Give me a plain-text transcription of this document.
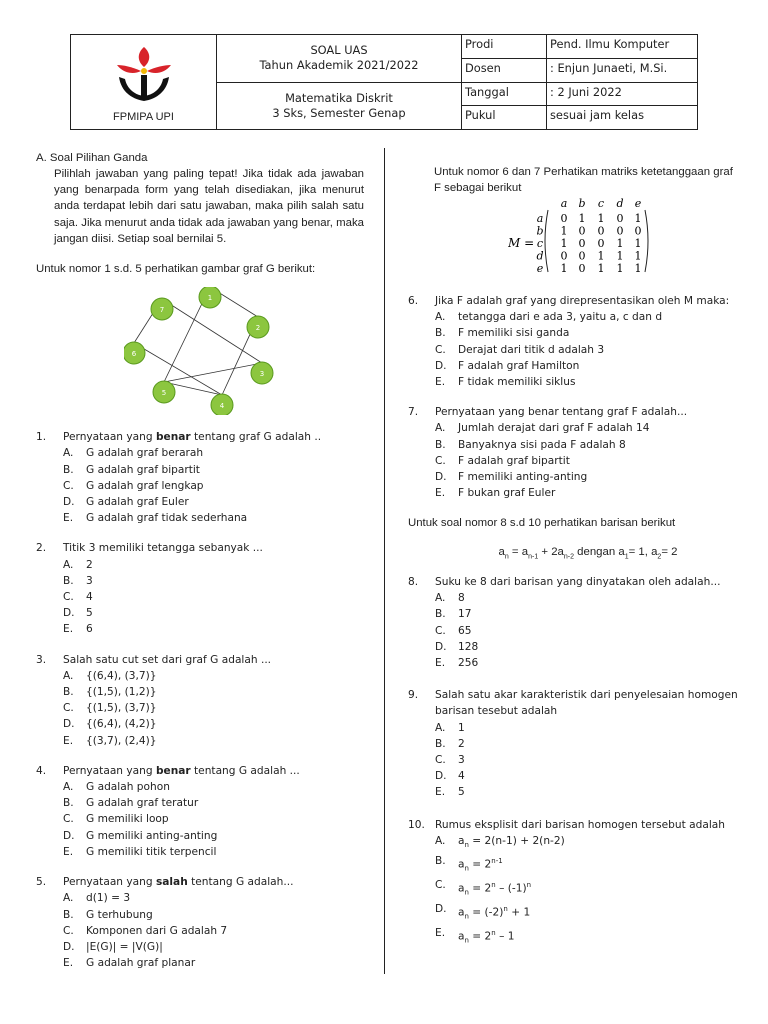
FPMIPA UPI
SOAL UAS
Tahun Akademik 2021/2022
Matematika Diskrit
3 Sks, Semester Genap
Prodi	Pend. Ilmu Komputer
Dosen	: Enjun Junaeti, M.Si.
Tanggal	: 2 Juni 2022
Pukul	sesuai jam kelas
A. Soal Pilihan Ganda

Pilihlah jawaban yang paling tepat! Jika tidak ada jawaban yang benarpada form yang telah disediakan, jika menurut anda terdapat lebih dari satu jawaban, maka pilih salah satu saja. Jika menurut anda tidak ada jawaban yang benar, maka jangan diisi. Setiap soal bernilai 5.

Untuk nomor 1 s.d. 5 perhatikan gambar graf G berikut:

1
2
3
4
5
6
7
1.	Pernyataan yang benar tentang graf G adalah ..
A.	G adalah graf berarah
B.	G adalah graf bipartit
C.	G adalah graf lengkap
D.	G adalah graf Euler
E.	G adalah graf tidak sederhana
2.	Titik 3 memiliki tetangga sebanyak ...
A.	2
B.	3
C.	4
D.	5
E.	6
3.	Salah satu cut set dari graf G adalah ...
A.	{(6,4), (3,7)}
B.	{(1,5), (1,2)}
C.	{(1,5), (3,7)}
D.	{(6,4), (4,2)}
E.	{(3,7), (2,4)}
4.	Pernyataan yang benar tentang G adalah ...
A.	G adalah pohon
B.	G adalah graf teratur
C.	G memiliki loop
D.	G memiliki anting-anting
E.	G memiliki titik terpencil
5.	Pernyataan yang salah tentang G adalah...
A.	d(1) = 3
B.	G terhubung
C.	Komponen dari G adalah 7
D.	|E(G)| = |V(G)|
E.	G adalah graf planar

Untuk nomor 6 dan 7 Perhatikan matriks ketetanggaan graf F sebagai berikut

M =
a b c d e
a 0 1 1 0 1
b 1 0 0 0 0
c 1 0 0 1 1
d 0 0 1 1 1
e 1 0 1 1 1
6.	Jika F adalah graf yang direpresentasikan oleh M maka:
A.	tetangga dari e ada 3, yaitu a, c dan d
B.	F memiliki sisi ganda
C.	Derajat dari titik d adalah 3
D.	F adalah graf Hamilton
E.	F tidak memiliki siklus
7.	Pernyataan yang benar tentang graf F adalah...
A.	Jumlah derajat dari graf F adalah 14
B.	Banyaknya sisi pada F adalah 8
C.	F adalah graf bipartit
D.	F memiliki anting-anting
E.	F bukan graf Euler

Untuk soal nomor 8 s.d 10 perhatikan barisan berikut

$a_n = a_{n-1} + 2a_{n-2}$ dengan $a_1= 1$, $a_2= 2$
8.	Suku ke 8 dari barisan yang dinyatakan oleh adalah...
A.	8
B.	17
C.	65
D.	128
E.	256
9.	Salah satu akar karakteristik dari penyelesaian homogen barisan tesebut adalah
A.	1
B.	2
C.	3
D.	4
E.	5
10. Rumus eksplisit dari barisan homogen tersebut adalah
A.	$a_n = 2(n-1) + 2(n-2)$
B.	$a_n = 2^{n-1}$
C.	$a_n = 2^n - (-1)^n$
D.	$a_n = (-2)^n + 1$
E.	$a_n = 2^n - 1$
